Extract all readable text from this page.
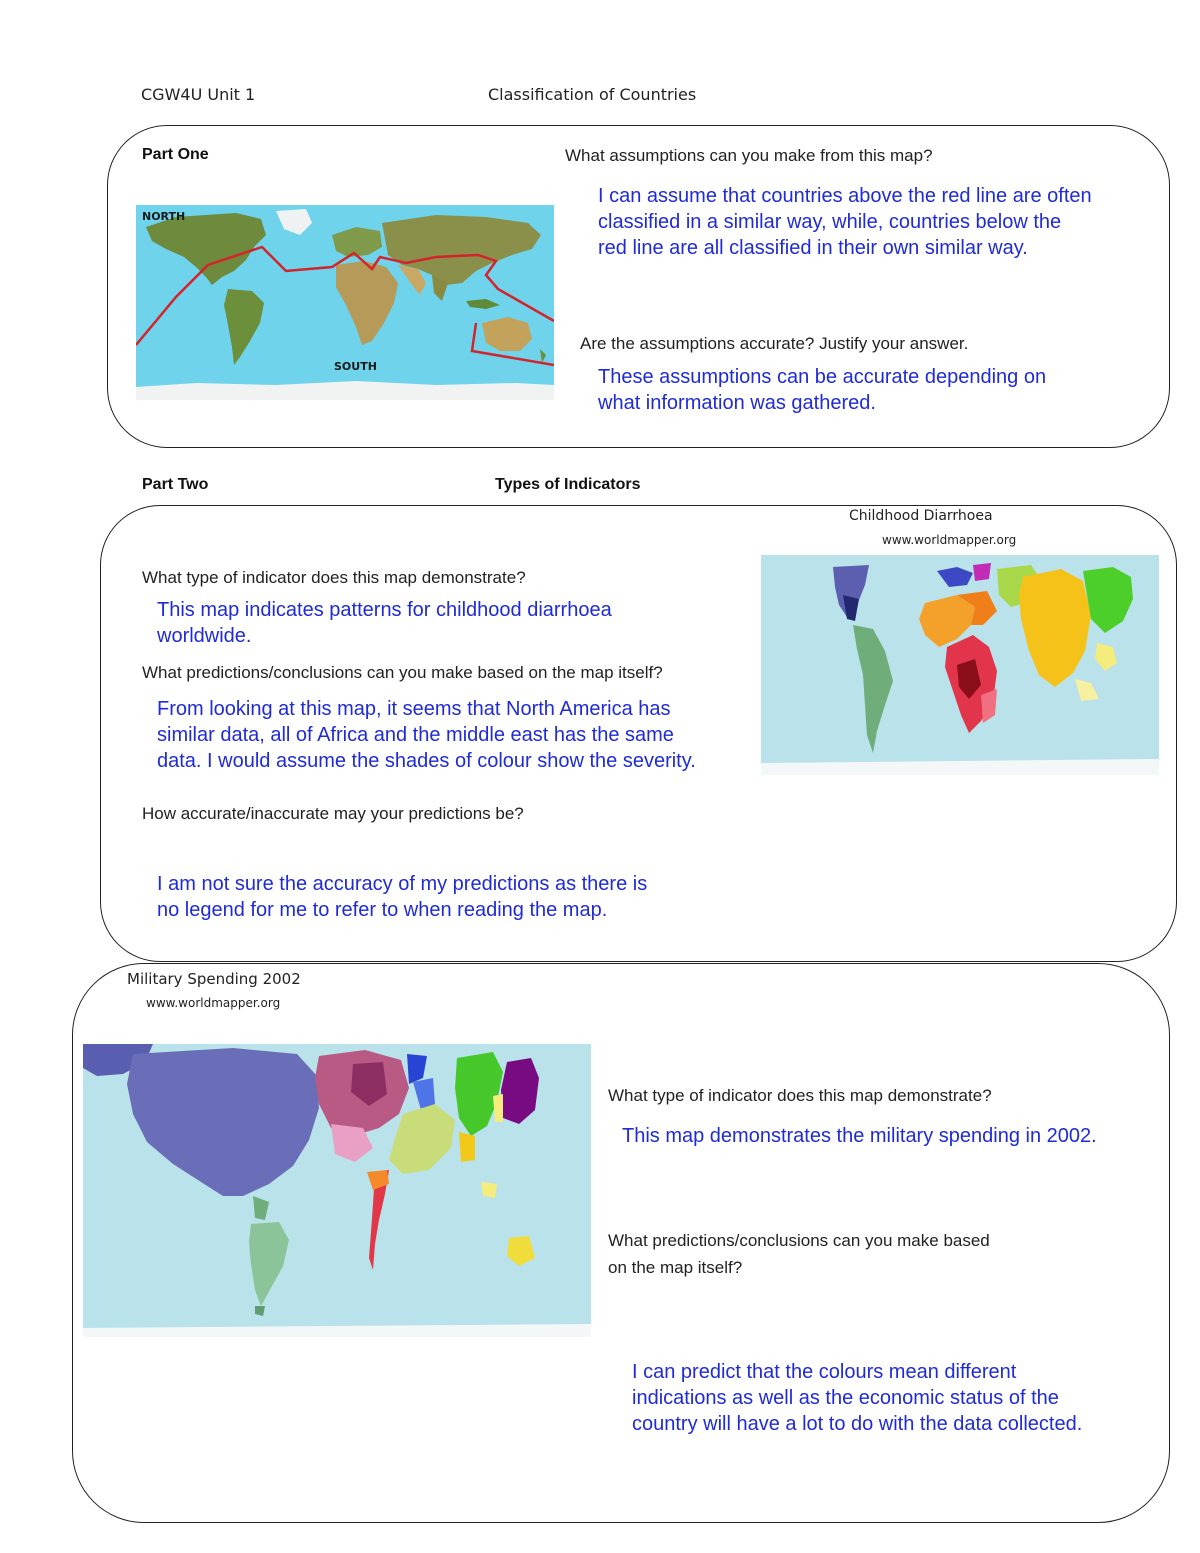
CGW4U Unit 1	Classification of Countries
Part One
NORTH
SOUTH
What assumptions can you make from this map?
I can assume that countries above the red line are often
classified in a similar way, while, countries below the
red line are all classified in their own similar way.
Are the assumptions accurate? Justify your answer.
These assumptions can be accurate depending on
what information was gathered.
Part Two	Types of Indicators
Childhood Diarrhoea
www.worldmapper.org
What type of indicator does this map demonstrate?
This map indicates patterns for childhood diarrhoea
worldwide.
What predictions/conclusions can you make based on the map itself?
From looking at this map, it seems that North America has
similar data, all of Africa and the middle east has the same
data. I would assume the shades of colour show the severity.
How accurate/inaccurate may your predictions be?
I am not sure the accuracy of my predictions as there is
no legend for me to refer to when reading the map.
Military Spending 2002
www.worldmapper.org
What type of indicator does this map demonstrate?
This map demonstrates the military spending in 2002.
What predictions/conclusions can you make based
on the map itself?
I can predict that the colours mean different
indications as well as the economic status of the
country will have a lot to do with the data collected.
